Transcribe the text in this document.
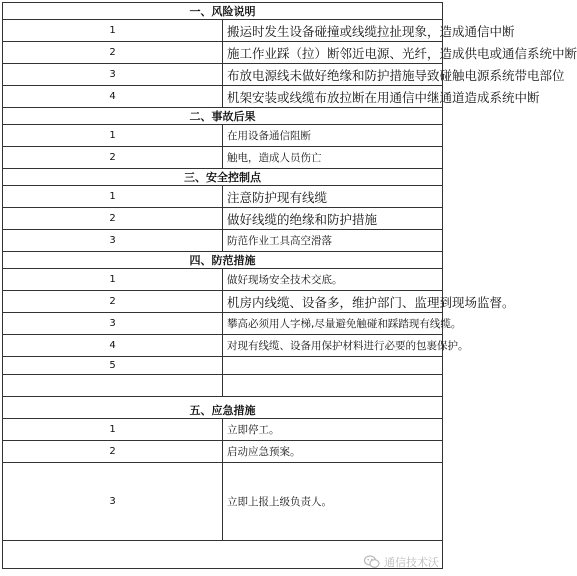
一、风险说明	
1	搬运时发生设备碰撞或线缆拉扯现象，造成通信中断
2	施工作业踩（拉）断邻近电源、光纤，造成供电或通信系统中断
3	布放电源线未做好绝缘和防护措施导致碰触电源系统带电部位
4	机架安装或线缆布放拉断在用通信中继通道造成系统中断
二、事故后果	
1	在用设备通信阻断
2	触电，造成人员伤亡
三、安全控制点	
1	注意防护现有线缆
2	做好线缆的绝缘和防护措施
3	防范作业工具高空滑落
四、防范措施	
1	做好现场安全技术交底。
2	机房内线缆、设备多，维护部门、监理到现场监督。
3	攀高必须用人字梯,尽量避免触碰和踩踏现有线缆。
4	对现有线缆、设备用保护材料进行必要的包裹保护。
5	

五、应急措施	
1	立即停工。
2	启动应急预案。
3	立即上报上级负责人。

通信技术沃
